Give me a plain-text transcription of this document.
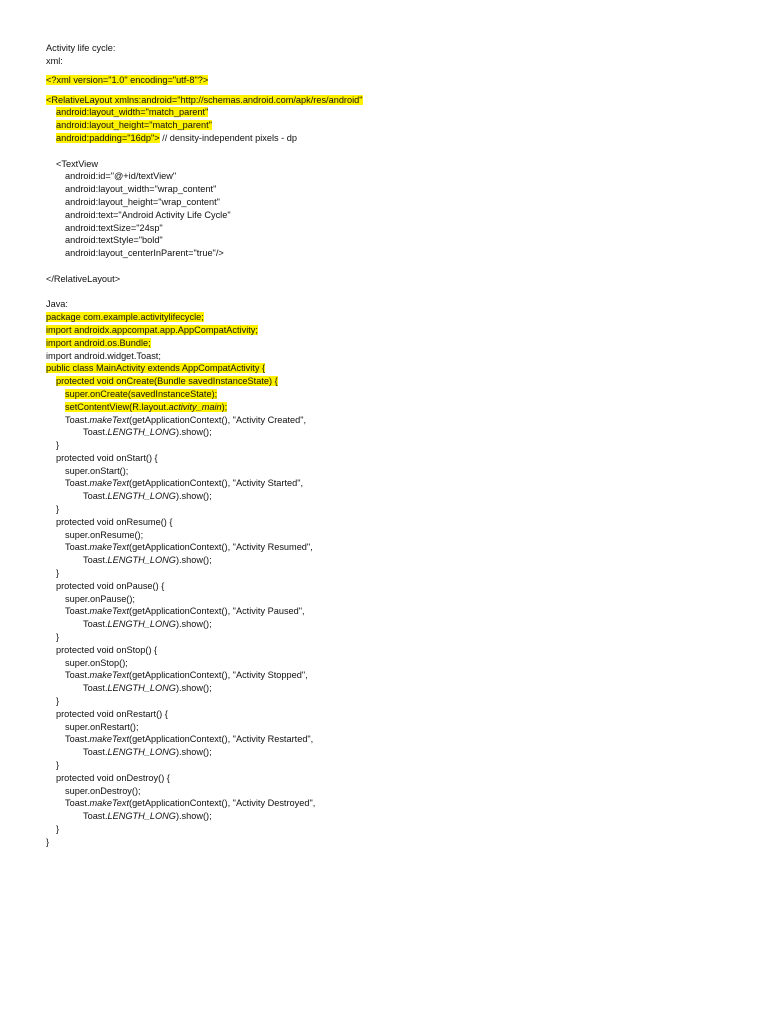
Activity life cycle:
xml:
<?xml version="1.0" encoding="utf-8"?>
<RelativeLayout xmlns:android="http://schemas.android.com/apk/res/android"
android:layout_width="match_parent"
android:layout_height="match_parent"
android:padding="16dp"> // density-independent pixels - dp
<TextView
android:id="@+id/textView"
android:layout_width="wrap_content"
android:layout_height="wrap_content"
android:text="Android Activity Life Cycle"
android:textSize="24sp"
android:textStyle="bold"
android:layout_centerInParent="true"/>
</RelativeLayout>
Java:
package com.example.activitylifecycle;
import androidx.appcompat.app.AppCompatActivity;
import android.os.Bundle;
import android.widget.Toast;
public class MainActivity extends AppCompatActivity {
protected void onCreate(Bundle savedInstanceState) {
super.onCreate(savedInstanceState);
setContentView(R.layout.activity_main);
Toast.makeText(getApplicationContext(), "Activity Created",
Toast.LENGTH_LONG).show();
}
protected void onStart() {
super.onStart();
Toast.makeText(getApplicationContext(), "Activity Started",
Toast.LENGTH_LONG).show();
}
protected void onResume() {
super.onResume();
Toast.makeText(getApplicationContext(), "Activity Resumed",
Toast.LENGTH_LONG).show();
}
protected void onPause() {
super.onPause();
Toast.makeText(getApplicationContext(), "Activity Paused",
Toast.LENGTH_LONG).show();
}
protected void onStop() {
super.onStop();
Toast.makeText(getApplicationContext(), "Activity Stopped",
Toast.LENGTH_LONG).show();
}
protected void onRestart() {
super.onRestart();
Toast.makeText(getApplicationContext(), "Activity Restarted",
Toast.LENGTH_LONG).show();
}
protected void onDestroy() {
super.onDestroy();
Toast.makeText(getApplicationContext(), "Activity Destroyed",
Toast.LENGTH_LONG).show();
}
}
